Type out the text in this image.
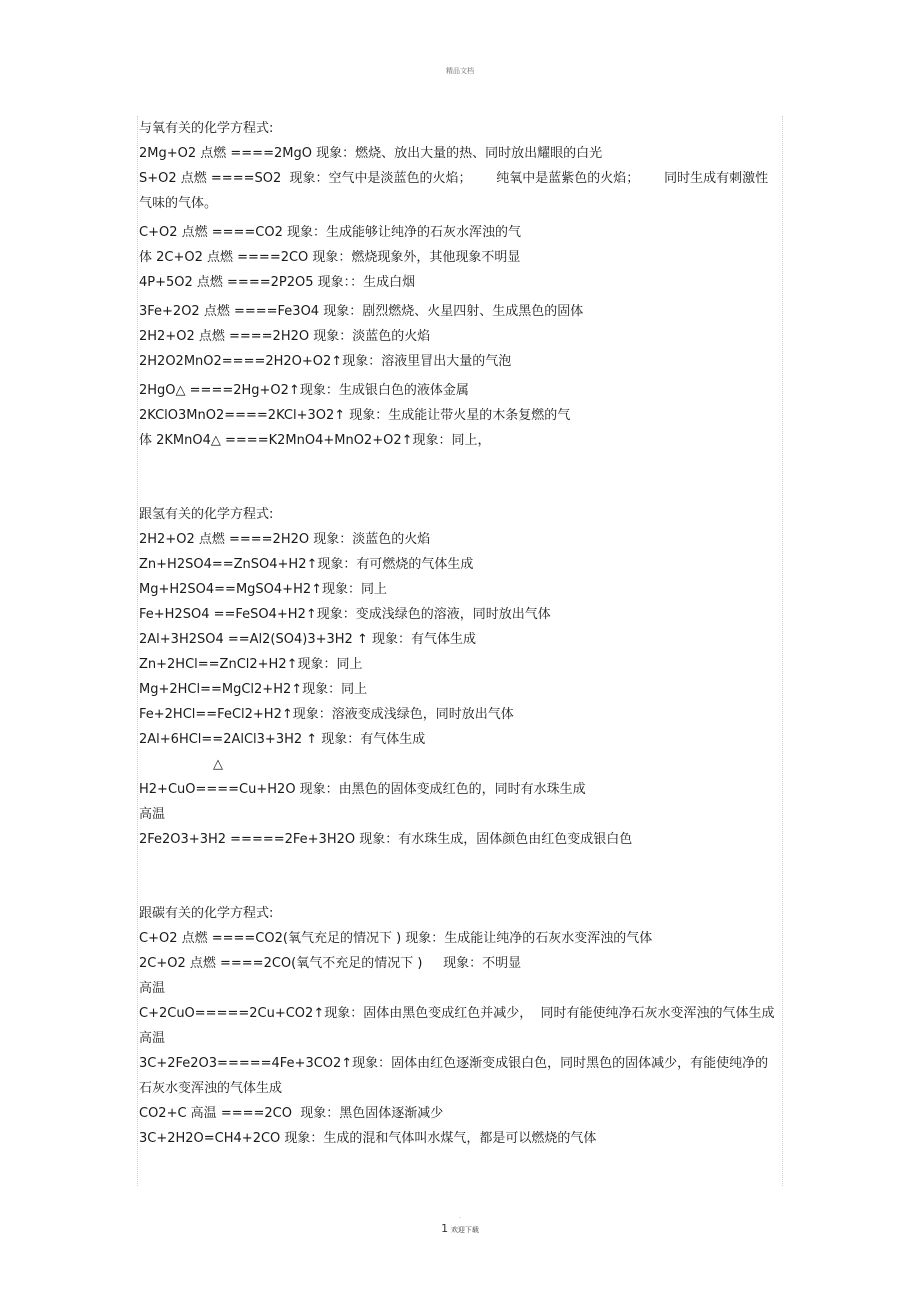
精品文档
与氧有关的化学方程式:
2Mg+O2 点燃 ====2MgO 现象：燃烧、放出大量的热、同时放出耀眼的白光
S+O2 点燃 ====SO2  现象：空气中是淡蓝色的火焰；      纯氧中是蓝紫色的火焰；      同时生成有刺激性气味的气体。
C+O2 点燃 ====CO2 现象：生成能够让纯净的石灰水浑浊的气
体 2C+O2 点燃 ====2CO 现象：燃烧现象外，其他现象不明显
4P+5O2 点燃 ====2P2O5 现象：：生成白烟
3Fe+2O2 点燃 ====Fe3O4 现象：剧烈燃烧、火星四射、生成黑色的固体
2H2+O2 点燃 ====2H2O 现象：淡蓝色的火焰
2H2O2MnO2====2H2O+O2↑现象：溶液里冒出大量的气泡
2HgO△ ====2Hg+O2↑现象：生成银白色的液体金属
2KClO3MnO2====2KCl+3O2↑ 现象：生成能让带火星的木条复燃的气
体 2KMnO4△ ====K2MnO4+MnO2+O2↑现象：同上，
跟氢有关的化学方程式:
2H2+O2 点燃 ====2H2O 现象：淡蓝色的火焰
Zn+H2SO4==ZnSO4+H2↑现象：有可燃烧的气体生成
Mg+H2SO4==MgSO4+H2↑现象：同上
Fe+H2SO4 ==FeSO4+H2↑现象：变成浅绿色的溶液，同时放出气体
2Al+3H2SO4 ==Al2(SO4)3+3H2 ↑ 现象：有气体生成
Zn+2HCl==ZnCl2+H2↑现象：同上
Mg+2HCl==MgCl2+H2↑现象：同上
Fe+2HCl==FeCl2+H2↑现象：溶液变成浅绿色，同时放出气体
2Al+6HCl==2AlCl3+3H2 ↑ 现象：有气体生成
△
H2+CuO====Cu+H2O 现象：由黑色的固体变成红色的，同时有水珠生成
高温
2Fe2O3+3H2 =====2Fe+3H2O 现象：有水珠生成，固体颜色由红色变成银白色
跟碳有关的化学方程式:
C+O2 点燃 ====CO2(氧气充足的情况下 ) 现象：生成能让纯净的石灰水变浑浊的气体
2C+O2 点燃 ====2CO(氧气不充足的情况下 )     现象：不明显
高温
C+2CuO=====2Cu+CO2↑现象：固体由黑色变成红色并减少，  同时有能使纯净石灰水变浑浊的气体生成
高温
3C+2Fe2O3=====4Fe+3CO2↑现象：固体由红色逐渐变成银白色，同时黑色的固体减少，有能使纯净的石灰水变浑浊的气体生成
CO2+C 高温 ====2CO  现象：黑色固体逐渐减少
3C+2H2O=CH4+2CO 现象：生成的混和气体叫水煤气，都是可以燃烧的气体
.
1 欢迎下载
